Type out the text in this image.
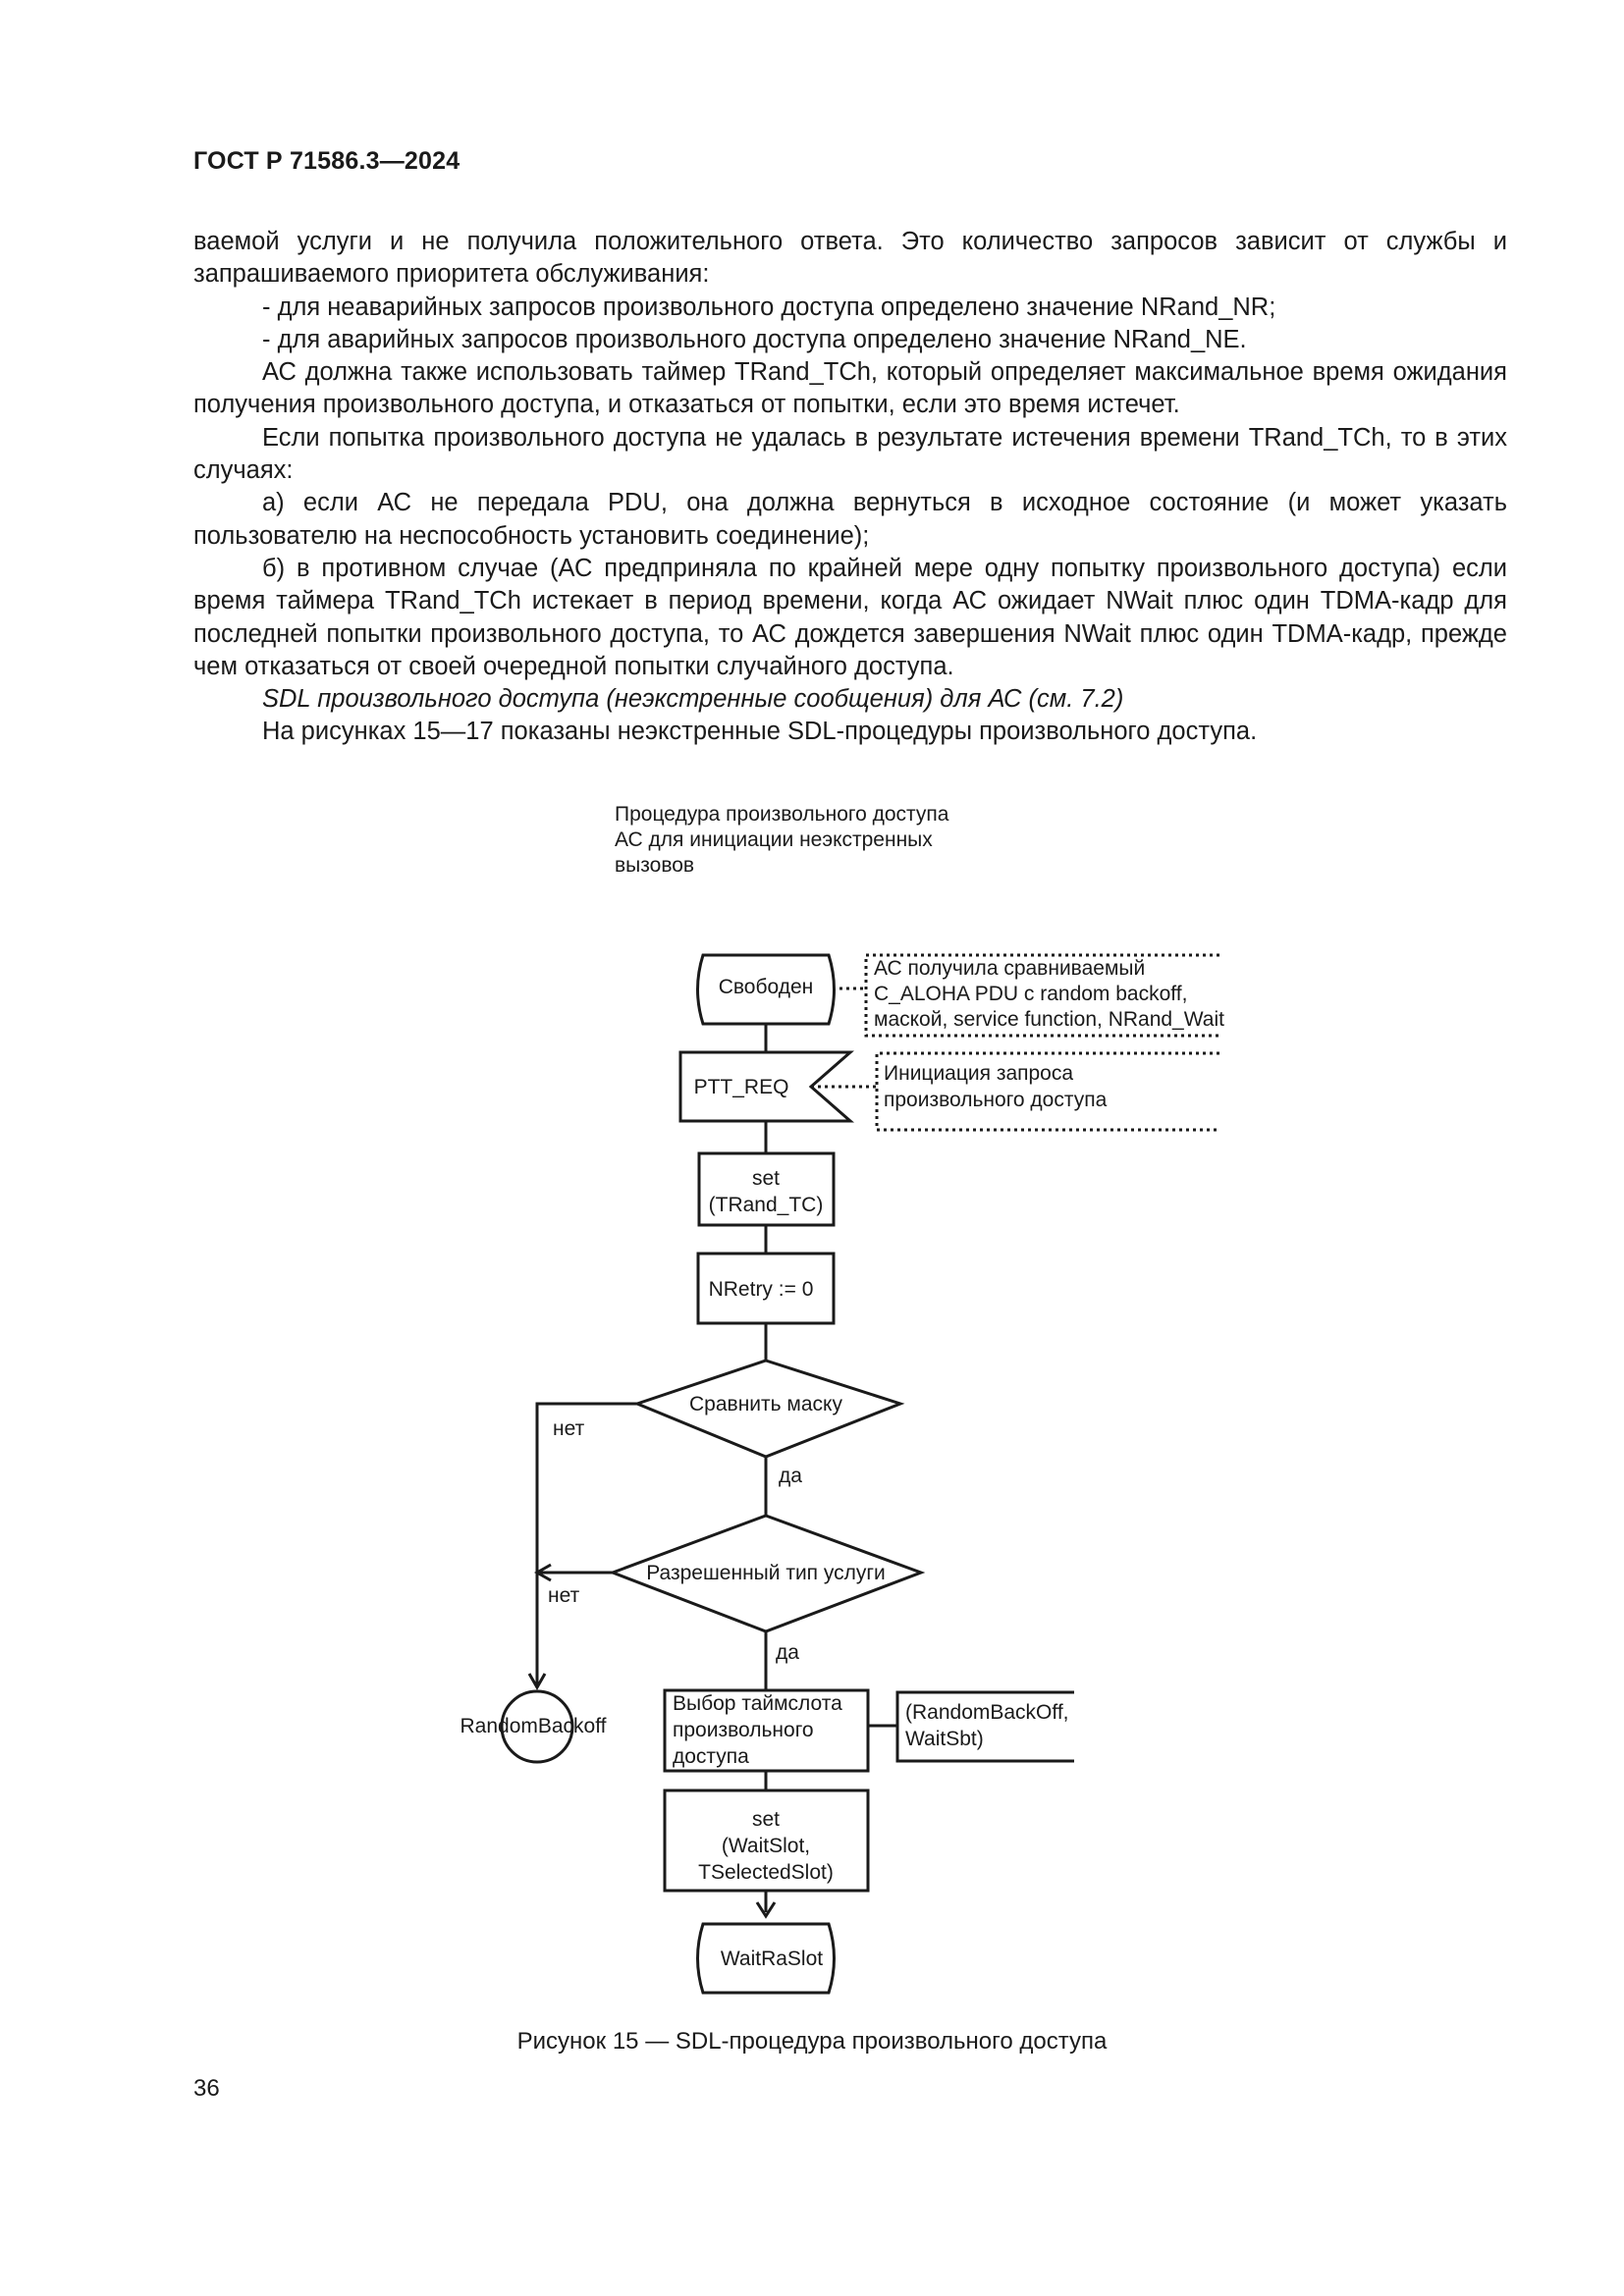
ГОСТ Р 71586.3—2024

ваемой услуги и не получила положительного ответа. Это количество запросов зависит от службы и запрашиваемого приоритета обслуживания:

- для неаварийных запросов произвольного доступа определено значение NRand_NR;

- для аварийных запросов произвольного доступа определено значение NRand_NE.

АС должна также использовать таймер TRand_TCh, который определяет максимальное время ожидания получения произвольного доступа, и отказаться от попытки, если это время истечет.

Если попытка произвольного доступа не удалась в результате истечения времени TRand_TCh, то в этих случаях:

а) если АС не передала PDU, она должна вернуться в исходное состояние (и может указать пользователю на неспособность установить соединение);

б) в противном случае (АС предприняла по крайней мере одну попытку произвольного доступа) если время таймера TRand_TCh истекает в период времени, когда АС ожидает NWait плюс один TDMA-кадр для последней попытки произвольного доступа, то АС дождется завершения NWait плюс один TDMA-кадр, прежде чем отказаться от своей очередной попытки случайного доступа.

SDL произвольного доступа (неэкстренные сообщения) для АС (см. 7.2)

На рисунках 15—17 показаны неэкстренные SDL-процедуры произвольного доступа.

Процедура произвольного доступа
АС для инициации неэкстренных
вызовов
Свободен
АС получила сравниваемый
C_ALOHA PDU с random backoff,
маской, service function, NRand_Wait
PTT_REQ
Инициация запроса
произвольного доступа
set
(TRand_TC)
NRetry := 0
Сравнить маску
нет
да
Разрешенный тип услуги
нет
да
RandomBackoff
Выбор таймслота
произвольного
доступа
(RandomBackOff,
WaitSbt)
set
(WaitSlot,
TSelectedSlot)
WaitRaSlot
Рисунок 15 — SDL-процедура произвольного доступа
36
